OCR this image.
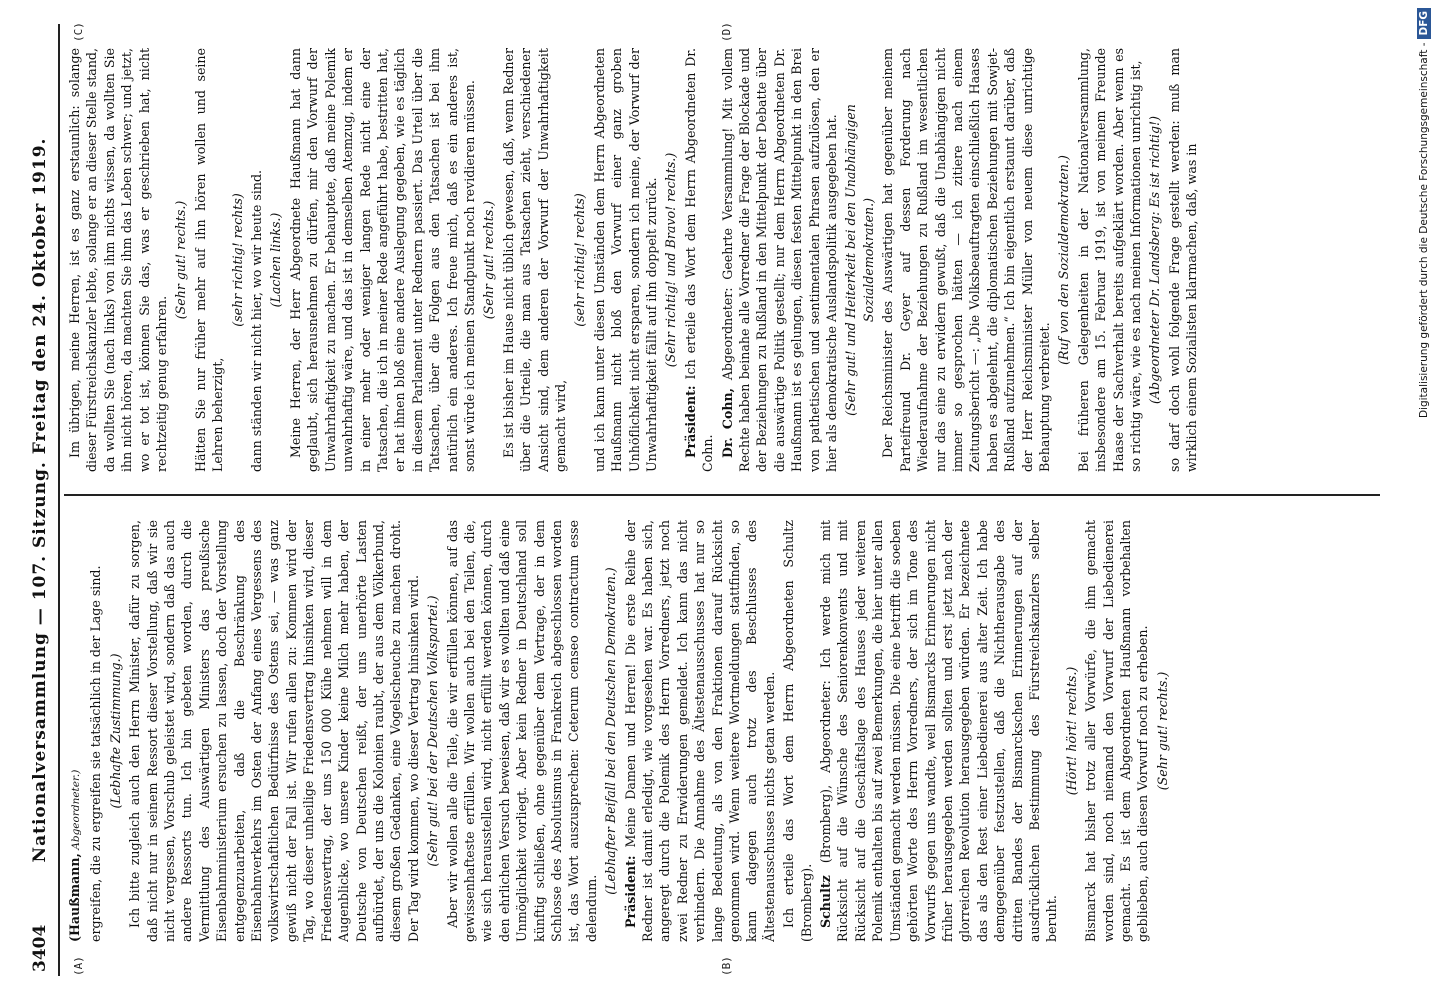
3404
Nationalversammlung — 107. Sitzung. Freitag den 24. Oktober 1919.
(A)	(B)
(C)	(D)

(Haußmann, Abgeordneter.) ergreifen, die zu ergreifen sie tatsächlich in der Lage sind. (Lebhafte Zustimmung.) Ich bitte zugleich auch den Herrn Minister, dafür zu sorgen, daß nicht nur in seinem Ressort dieser Vorstellung, daß wir sie nicht vergessen, Vorschub geleistet wird, sondern daß das auch andere Ressorts tun. Ich bin gebeten worden, durch die Vermittlung des Auswärtigen Ministers das preußische Eisenbahnministerium ersuchen zu lassen, doch der Vorstellung entgegenzuarbeiten, daß die Beschränkung des Eisenbahnverkehrs im Osten der Anfang eines Vergessens des volkswirtschaftlichen Bedürfnisse des Ostens sei, — was ganz gewiß nicht der Fall ist. Wir rufen allen zu: Kommen wird der Tag, wo dieser unheilige Friedensvertrag hinsinken wird, dieser Friedensvertrag, der uns 150 000 Kühe nehmen will in dem Augenblicke, wo unsere Kinder keine Milch mehr haben, der Deutsche von Deutschen reißt, der uns unerhörte Lasten aufbürdet, der uns die Kolonien raubt, der aus dem Völkerbund, diesem großen Gedanken, eine Vogelscheuche zu machen droht. Der Tag wird kommen, wo dieser Vertrag hinsinken wird. (Sehr gut! bei der Deutschen Volkspartei.) Aber wir wollen alle die Teile, die wir erfüllen können, auf das gewissenhafteste erfüllen. Wir wollen auch bei den Teilen, die, wie sich herausstellen wird, nicht erfüllt werden können, durch den ehrlichen Versuch beweisen, daß wir es wollten und daß eine Unmöglichkeit vorliegt. Aber kein Redner in Deutschland soll künftig schließen, ohne gegenüber dem Vertrage, der in dem Schlosse des Absolutismus in Frankreich abgeschlossen worden ist, das Wort auszusprechen: Ceterum censeo contractum esse delendum.

(Lebhafter Beifall bei den Deutschen Demokraten.) Präsident: Meine Damen und Herren! Die erste Reihe der Redner ist damit erledigt, wie vorgesehen war. Es haben sich, angeregt durch die Polemik des Herrn Vorredners, jetzt noch zwei Redner zu Erwiderungen gemeldet. Ich kann das nicht verhindern. Die Annahme des Ältestenausschusses hat nur so lange Bedeutung, als von den Fraktionen darauf Rücksicht genommen wird. Wenn weitere Wortmeldungen stattfinden, so kann dagegen auch trotz des Beschlusses des Ältestenausschusses nichts getan werden. Ich erteile das Wort dem Herrn Abgeordneten Schultz (Bromberg). Schultz (Bromberg), Abgeordneter: Ich werde mich mit Rücksicht auf die Wünsche des Seniorenkonvents und mit Rücksicht auf die Geschäftslage des Hauses jeder weiteren Polemik enthalten bis auf zwei Bemerkungen, die hier unter allen Umständen gemacht werden müssen. Die eine betrifft die soeben gehörten Worte des Herrn Vorredners, der sich im Tone des Vorwurfs gegen uns wandte, weil Bismarcks Erinnerungen nicht früher herausgegeben werden sollten und erst jetzt nach der glorreichen Revolution herausgegeben würden. Er bezeichnete das als den Rest einer Liebedienerei aus alter Zeit. Ich habe demgegenüber festzustellen, daß die Nichtherausgabe des dritten Bandes der Bismarckschen Erinnerungen auf der ausdrücklichen Bestimmung des Fürstreichskanzlers selber beruht.

(Hört! hört! rechts.) Bismarck hat bisher trotz aller Vorwürfe, die ihm gemacht worden sind, noch niemand den Vorwurf der Liebedienerei gemacht. Es ist dem Abgeordneten Haußmann vorbehalten geblieben, auch diesen Vorwurf noch zu erheben. (Sehr gut! rechts.)

Im übrigen, meine Herren, ist es ganz erstaunlich: solange dieser Fürstreichskanzler lebte, solange er an dieser Stelle stand, da wollten Sie (nach links) von ihm nichts wissen, da wollten Sie ihn nicht hören, da machten Sie ihm das Leben schwer; und jetzt, wo er tot ist, können Sie das, was er geschrieben hat, nicht rechtzeitig genug erfahren.

(Sehr gut! rechts.) Hätten Sie nur früher mehr auf ihn hören wollen und seine Lehren beherzigt,

(sehr richtig! rechts) dann ständen wir nicht hier, wo wir heute sind. (Lachen links.) Meine Herren, der Herr Abgeordnete Haußmann hat dann geglaubt, sich herausnehmen zu dürfen, mir den Vorwurf der Unwahrhaftigkeit zu machen. Er behauptete, daß meine Polemik unwahrhaftig wäre, und das ist in demselben Atemzug, indem er in einer mehr oder weniger langen Rede nicht eine der Tatsachen, die ich in meiner Rede angeführt habe, bestritten hat, er hat ihnen bloß eine andere Auslegung gegeben, wie es täglich in diesem Parlament unter Rednern passiert. Das Urteil über die Tatsachen, über die Folgen aus den Tatsachen ist bei ihm natürlich ein anderes. Ich freue mich, daß es ein anderes ist, sonst würde ich meinen Standpunkt noch revidieren müssen. (Sehr gut! rechts.) Es ist bisher im Hause nicht üblich gewesen, daß, wenn Redner über die Urteile, die man aus Tatsachen zieht, verschiedener Ansicht sind, dem anderen der Vorwurf der Unwahrhaftigkeit gemacht wird,

(sehr richtig! rechts) und ich kann unter diesen Umständen dem Herrn Abgeordneten Haußmann nicht bloß den Vorwurf einer ganz groben Unhöflichkeit nicht ersparen, sondern ich meine, der Vorwurf der Unwahrhaftigkeit fällt auf ihn doppelt zurück. (Sehr richtig! und Bravo! rechts.)

Präsident: Ich erteile das Wort dem Herrn Abgeordneten Dr. Cohn. Dr. Cohn, Abgeordneter: Geehrte Versammlung! Mit vollem Rechte haben beinahe alle Vorredner die Frage der Blockade und der Beziehungen zu Rußland in den Mittelpunkt der Debatte über die auswärtige Politik gestellt; nur dem Herrn Abgeordneten Dr. Haußmann ist es gelungen, diesen festen Mittelpunkt in den Brei von pathetischen und sentimentalen Phrasen aufzulösen, den er hier als demokratische Auslandspolitik ausgegeben hat. (Sehr gut! und Heiterkeit bei den Unabhängigen Sozialdemokraten.) Der Reichsminister des Auswärtigen hat gegenüber meinem Parteifreund Dr. Geyer auf dessen Forderung nach Wiederaufnahme der Beziehungen zu Rußland im wesentlichen nur das eine zu erwidern gewußt, daß die Unabhängigen nicht immer so gesprochen hätten — ich zitiere nach einem Zeitungsbericht —: „Die Volksbeauftragten einschließlich Haases haben es abgelehnt, die diplomatischen Beziehungen mit Sowjet-Rußland aufzunehmen.“ Ich bin eigentlich erstaunt darüber, daß der Herr Reichsminister Müller von neuem diese unrichtige Behauptung verbreitet.

(Ruf von den Sozialdemokraten.) Bei früheren Gelegenheiten in der Nationalversammlung, insbesondere am 15. Februar 1919, ist von meinem Freunde Haase der Sachverhalt bereits aufgeklärt worden. Aber wenn es so richtig wäre, wie es nach meinen Informationen unrichtig ist, (Abgeordneter Dr. Landsberg: Es ist richtig!) so darf doch wohl folgende Frage gestellt werden: muß man wirklich einem Sozialisten klarmachen, daß, was in	Digitalisierung gefördert durch die Deutsche Forschungsgemeinschaft -DFG
